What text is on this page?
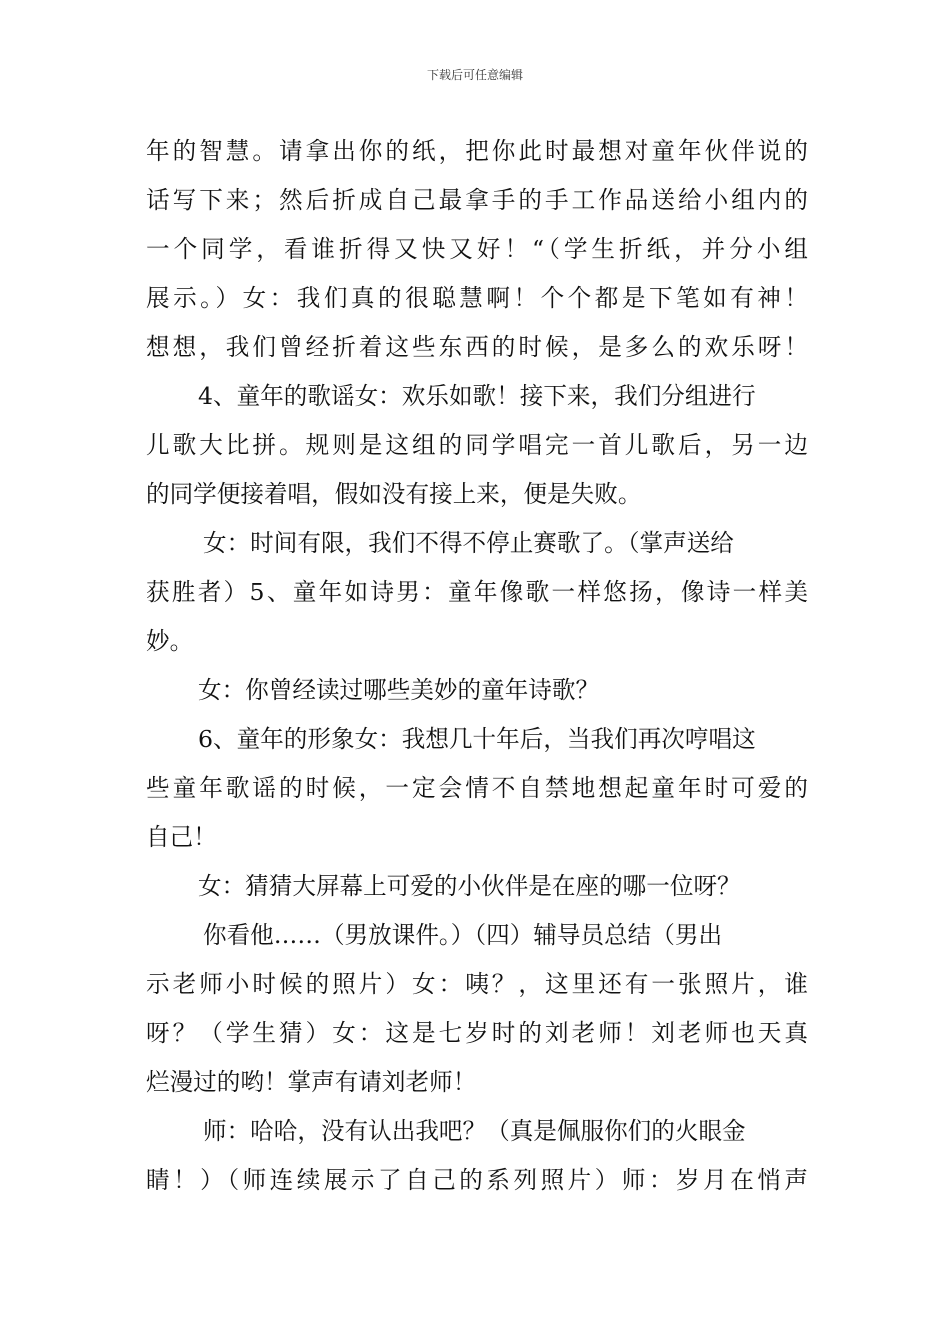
下载后可任意编辑
年的智慧。请拿出你的纸，把你此时最想对童年伙伴说的
话写下来；然后折成自己最拿手的手工作品送给小组内的
一个同学，看谁折得又快又好！“（学生折纸，并分小组
展示。）女：我们真的很聪慧啊！个个都是下笔如有神！
想想，我们曾经折着这些东西的时候，是多么的欢乐呀！
4、童年的歌谣女：欢乐如歌！接下来，我们分组进行
儿歌大比拼。规则是这组的同学唱完一首儿歌后，另一边
的同学便接着唱，假如没有接上来，便是失败。
女：时间有限，我们不得不停止赛歌了。（掌声送给
获胜者）5、童年如诗男：童年像歌一样悠扬，像诗一样美
妙。
女：你曾经读过哪些美妙的童年诗歌？
6、童年的形象女：我想几十年后，当我们再次哼唱这
些童年歌谣的时候，一定会情不自禁地想起童年时可爱的
自己！
女：猜猜大屏幕上可爱的小伙伴是在座的哪一位呀？
你看他……（男放课件。）（四）辅导员总结（男出
示老师小时候的照片）女：咦？，这里还有一张照片，谁
呀？（学生猜）女：这是七岁时的刘老师！刘老师也天真
烂漫过的哟！掌声有请刘老师！
师：哈哈，没有认出我吧？（真是佩服你们的火眼金
睛！）（师连续展示了自己的系列照片）师：岁月在悄声
